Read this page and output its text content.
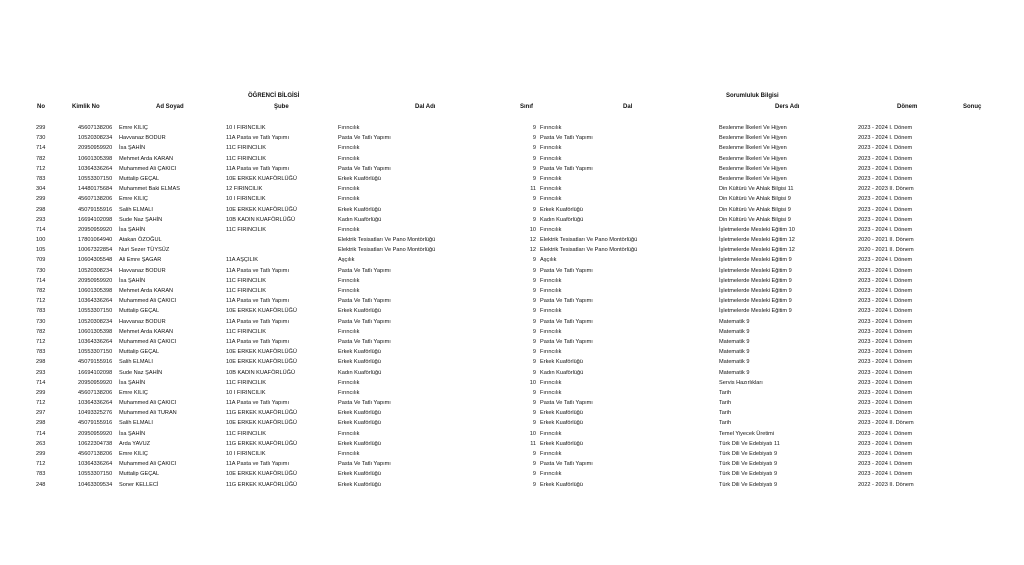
ÖĞRENCİ BİLGİSİ	Sorumluluk Bilgisi
No	Kimlik No	Ad Soyad	Şube	Dal Adı	Sınıf	Dal	Ders Adı	Dönem	Sonuç
299	45607138206 Emre KILIÇ	10 I FIRINCILIK	Fırıncılık	9 Fırıncılık	Beslenme İlkeleri Ve Hijyen	2023 - 2024 I. Dönem
730	10520308234 Havvanaz BODUR	11A Pasta ve Tatlı Yapımı	Pasta Ve Tatlı Yapımı	9 Pasta Ve Tatlı Yapımı	Beslenme İlkeleri Ve Hijyen	2023 - 2024 I. Dönem
714	20950959920 İsa ŞAHİN	11C FIRINCILIK	Fırıncılık	9 Fırıncılık	Beslenme İlkeleri Ve Hijyen	2023 - 2024 I. Dönem
782	10601305398 Mehmet Arda KARAN	11C FIRINCILIK	Fırıncılık	9 Fırıncılık	Beslenme İlkeleri Ve Hijyen	2023 - 2024 I. Dönem
712	10364336264 Muhammed Ali ÇAKICI	11A Pasta ve Tatlı Yapımı	Pasta Ve Tatlı Yapımı	9 Pasta Ve Tatlı Yapımı	Beslenme İlkeleri Ve Hijyen	2023 - 2024 I. Dönem
783	10553307150 Muttalip GEÇAL	10E ERKEK KUAFÖRLÜĞÜ	Erkek Kuaförlüğü	9 Fırıncılık	Beslenme İlkeleri Ve Hijyen	2023 - 2024 I. Dönem
304	14480175684 Muhammet Baki ELMAS	12 FIRINCILIK	Fırıncılık	11 Fırıncılık	Din Kültürü Ve Ahlak Bilgisi 11	2022 - 2023 II. Dönem
299	45607138206 Emre KILIÇ	10 I FIRINCILIK	Fırıncılık	9 Fırıncılık	Din Kültürü Ve Ahlak Bilgisi 9	2023 - 2024 I. Dönem
298	45079155916 Salih ELMALI	10E ERKEK KUAFÖRLÜĞÜ	Erkek Kuaförlüğü	9 Erkek Kuaförlüğü	Din Kültürü Ve Ahlak Bilgisi 9	2023 - 2024 I. Dönem
293	16694102098 Sude Naz ŞAHİN	10B KADIN KUAFÖRLÜĞÜ	Kadın Kuaförlüğü	9 Kadın Kuaförlüğü	Din Kültürü Ve Ahlak Bilgisi 9	2023 - 2024 I. Dönem
714	20950959920 İsa ŞAHİN	11C FIRINCILIK	Fırıncılık	10 Fırıncılık	İşletmelerde Mesleki Eğitim 10	2023 - 2024 I. Dönem
100	17801064940 Atakan ÖZOĞUL	Elektrik Tesisatları Ve Pano Montörlüğü	12 Elektrik Tesisatları Ve Pano Montörlüğü	İşletmelerde Mesleki Eğitim 12	2020 - 2021 II. Dönem
105	10067322854 Nuri Sezer TÜYSÜZ	Elektrik Tesisatları Ve Pano Montörlüğü	12 Elektrik Tesisatları Ve Pano Montörlüğü	İşletmelerde Mesleki Eğitim 12	2020 - 2021 II. Dönem
709	10604305548 Ali Emre ŞAGAR	11A AŞÇILIK	Aşçılık	9 Aşçılık	İşletmelerde Mesleki Eğitim 9	2023 - 2024 I. Dönem
730	10520308234 Havvanaz BODUR	11A Pasta ve Tatlı Yapımı	Pasta Ve Tatlı Yapımı	9 Pasta Ve Tatlı Yapımı	İşletmelerde Mesleki Eğitim 9	2023 - 2024 I. Dönem
714	20950959920 İsa ŞAHİN	11C FIRINCILIK	Fırıncılık	9 Fırıncılık	İşletmelerde Mesleki Eğitim 9	2023 - 2024 I. Dönem
782	10601305398 Mehmet Arda KARAN	11C FIRINCILIK	Fırıncılık	9 Fırıncılık	İşletmelerde Mesleki Eğitim 9	2023 - 2024 I. Dönem
712	10364336264 Muhammed Ali ÇAKICI	11A Pasta ve Tatlı Yapımı	Pasta Ve Tatlı Yapımı	9 Pasta Ve Tatlı Yapımı	İşletmelerde Mesleki Eğitim 9	2023 - 2024 I. Dönem
783	10553307150 Muttalip GEÇAL	10E ERKEK KUAFÖRLÜĞÜ	Erkek Kuaförlüğü	9 Fırıncılık	İşletmelerde Mesleki Eğitim 9	2023 - 2024 I. Dönem
730	10520308234 Havvanaz BODUR	11A Pasta ve Tatlı Yapımı	Pasta Ve Tatlı Yapımı	9 Pasta Ve Tatlı Yapımı	Matematik 9	2023 - 2024 I. Dönem
782	10601305398 Mehmet Arda KARAN	11C FIRINCILIK	Fırıncılık	9 Fırıncılık	Matematik 9	2023 - 2024 I. Dönem
712	10364336264 Muhammed Ali ÇAKICI	11A Pasta ve Tatlı Yapımı	Pasta Ve Tatlı Yapımı	9 Pasta Ve Tatlı Yapımı	Matematik 9	2023 - 2024 I. Dönem
783	10553307150 Muttalip GEÇAL	10E ERKEK KUAFÖRLÜĞÜ	Erkek Kuaförlüğü	9 Fırıncılık	Matematik 9	2023 - 2024 I. Dönem
298	45079155916 Salih ELMALI	10E ERKEK KUAFÖRLÜĞÜ	Erkek Kuaförlüğü	9 Erkek Kuaförlüğü	Matematik 9	2023 - 2024 I. Dönem
293	16694102098 Sude Naz ŞAHİN	10B KADIN KUAFÖRLÜĞÜ	Kadın Kuaförlüğü	9 Kadın Kuaförlüğü	Matematik 9	2023 - 2024 I. Dönem
714	20950959920 İsa ŞAHİN	11C FIRINCILIK	Fırıncılık	10 Fırıncılık	Servis Hazırlıkları	2023 - 2024 I. Dönem
299	45607138206 Emre KILIÇ	10 I FIRINCILIK	Fırıncılık	9 Fırıncılık	Tarih	2023 - 2024 I. Dönem
712	10364336264 Muhammed Ali ÇAKICI	11A Pasta ve Tatlı Yapımı	Pasta Ve Tatlı Yapımı	9 Pasta Ve Tatlı Yapımı	Tarih	2023 - 2024 I. Dönem
297	10493325276 Muhammed Ali TURAN	11G ERKEK KUAFÖRLÜĞÜ	Erkek Kuaförlüğü	9 Erkek Kuaförlüğü	Tarih	2023 - 2024 I. Dönem
298	45079155916 Salih ELMALI	10E ERKEK KUAFÖRLÜĞÜ	Erkek Kuaförlüğü	9 Erkek Kuaförlüğü	Tarih	2023 - 2024 II. Dönem
714	20950959920 İsa ŞAHİN	11C FIRINCILIK	Fırıncılık	10 Fırıncılık	Temel Yiyecek Üretimi	2023 - 2024 I. Dönem
263	10622304738 Arda YAVUZ	11G ERKEK KUAFÖRLÜĞÜ	Erkek Kuaförlüğü	11 Erkek Kuaförlüğü	Türk Dili Ve Edebiyatı 11	2023 - 2024 I. Dönem
299	45607138206 Emre KILIÇ	10 I FIRINCILIK	Fırıncılık	9 Fırıncılık	Türk Dili Ve Edebiyatı 9	2023 - 2024 I. Dönem
712	10364336264 Muhammed Ali ÇAKICI	11A Pasta ve Tatlı Yapımı	Pasta Ve Tatlı Yapımı	9 Pasta Ve Tatlı Yapımı	Türk Dili Ve Edebiyatı 9	2023 - 2024 I. Dönem
783	10553307150 Muttalip GEÇAL	10E ERKEK KUAFÖRLÜĞÜ	Erkek Kuaförlüğü	9 Fırıncılık	Türk Dili Ve Edebiyatı 9	2023 - 2024 I. Dönem
248	10463309534 Soner KELLECİ	11G ERKEK KUAFÖRLÜĞÜ	Erkek Kuaförlüğü	9 Erkek Kuaförlüğü	Türk Dili Ve Edebiyatı 9	2022 - 2023 II. Dönem
